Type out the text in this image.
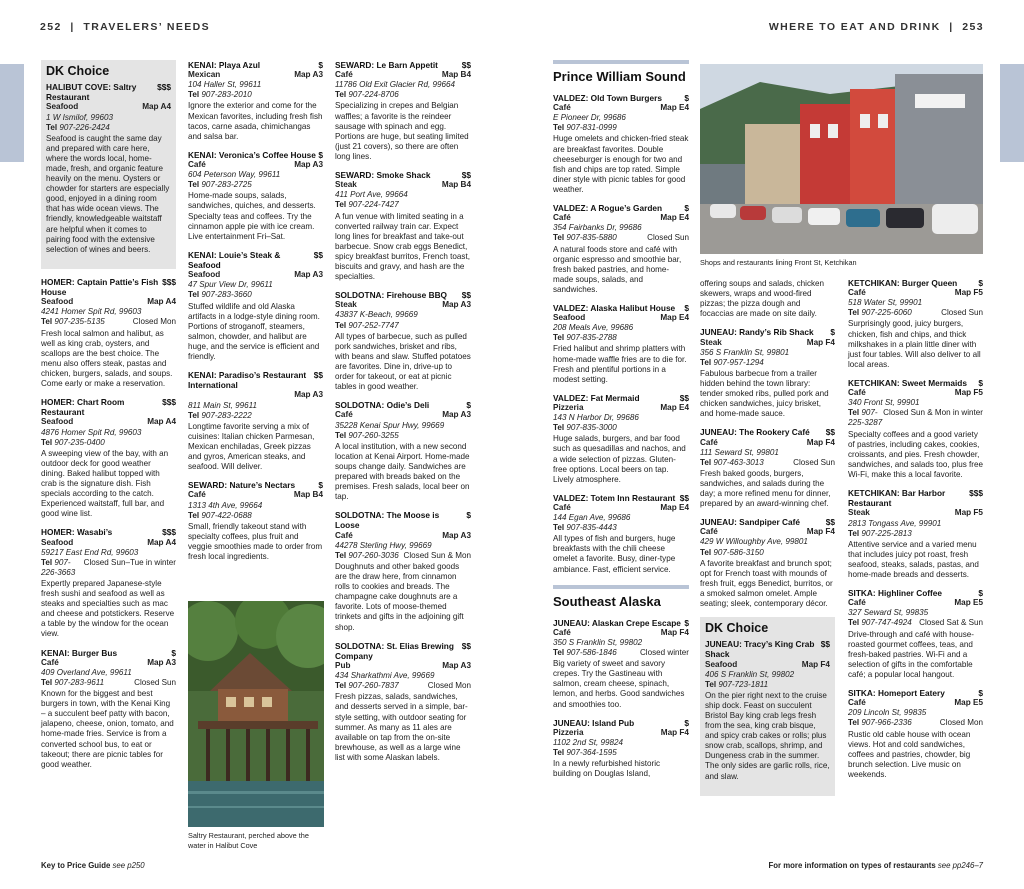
252  |  TRAVELERS’ NEEDS	WHERE TO EAT AND DRINK  |  253
DK Choice
HALIBUT COVE: Saltry Restaurant
$$$
Seafood	Map A4
1 W Ismilof, 99603
Tel 907-226-2424
Seafood is caught the same day and prepared with care here, where the words local, home-made, fresh, and organic feature heavily on the menu. Oysters or chowder for starters are especially good, enjoyed in a dining room that has wide ocean views. The friendly, knowledgeable waitstaff are helpful when it comes to pairing food with the extensive selection of wines and beers.
HOMER: Captain Pattie’s Fish House
$$$
Seafood	Map A4
4241 Homer Spit Rd, 99603
Tel 907-235-5135	Closed Mon
Fresh local salmon and halibut, as well as king crab, oysters, and scallops are the best choice. The menu also offers steak, pastas and chicken, burgers, salads, and soups. Come early or make a reservation.
HOMER: Chart Room Restaurant
$$$
Seafood	Map A4
4876 Homer Spit Rd, 99603
Tel 907-235-0400
A sweeping view of the bay, with an outdoor deck for good weather dining. Baked halibut topped with crab is the signature dish. Fish specials according to the catch. Experienced waitstaff, full bar, and good wine list.
HOMER: Wasabi’s	$$$
Seafood	Map A4
59217 East End Rd, 99603
Tel 907-226-3663
Closed Sun–Tue in winter
Expertly prepared Japanese-style fresh sushi and seafood as well as steaks and specialties such as mac and cheese and potstickers. Reserve a table by the window for the ocean view.
KENAI: Burger Bus	$
Café	Map A3
409 Overland Ave, 99611
Tel 907-283-9611	Closed Sun
Known for the biggest and best burgers in town, with the Kenai King – a succulent beef patty with bacon, jalapeno, cheese, onion, tomato, and home-made fries. Service is from a converted school bus, to eat or takeout; there are picnic tables for good weather.
KENAI: Playa Azul	$
Mexican	Map A3
104 Haller St, 99611
Tel 907-283-2010
Ignore the exterior and come for the Mexican favorites, including fresh fish tacos, carne asada, chimichangas and salsa bar.
KENAI: Veronica’s Coffee House $
Café	Map A3
604 Peterson Way, 99611
Tel 907-283-2725
Home-made soups, salads, sandwiches, quiches, and desserts. Specialty teas and coffees. Try the cinnamon apple pie with ice cream. Live entertainment Fri–Sat.
KENAI: Louie’s Steak & Seafood
$$
Seafood	Map A3
47 Spur View Dr, 99611
Tel 907-283-3660
Stuffed wildlife and old Alaska artifacts in a lodge-style dining room. Portions of stroganoff, steamers, salmon, chowder, and halibut are huge, and the service is efficient and friendly.
KENAI: Paradiso’s Restaurant International
$$
Map A3
811 Main St, 99611
Tel 907-283-2222
Longtime favorite serving a mix of cuisines: Italian chicken Parmesan, Mexican enchiladas, Greek pizzas and gyros, American steaks, and seafood. Will deliver.
SEWARD: Nature’s Nectars	$
Café	Map B4
1313 4th Ave, 99664
Tel 907-422-0688
Small, friendly takeout stand with specialty coffees, plus fruit and veggie smoothies made to order from fresh local ingredients.
Saltry Restaurant, perched above the water in Halibut Cove
SEWARD: Le Barn Appetit	$$
Café	Map B4
11786 Old Exit Glacier Rd, 99664
Tel 907-224-8706
Specializing in crepes and Belgian waffles; a favorite is the reindeer sausage with spinach and egg. Portions are huge, but seating limited (just 21 covers), so there are often long lines.
SEWARD: Smoke Shack	$$
Steak	Map B4
411 Port Ave, 99664
Tel 907-224-7427
A fun venue with limited seating in a converted railway train car. Expect long lines for breakfast and take-out barbecue. Snow crab eggs Benedict, spicy breakfast burritos, French toast, biscuits and gravy, and hash are the specialties.
SOLDOTNA: Firehouse BBQ $$
Steak	Map A3
43837 K-Beach, 99669
Tel 907-252-7747
All types of barbecue, such as pulled pork sandwiches, brisket and ribs, with beans and slaw. Stuffed potatoes are favorites. Dine in, drive-up to order for takeout, or eat at picnic tables in good weather.
SOLDOTNA: Odie’s Deli	$
Café	Map A3
35228 Kenai Spur Hwy, 99669
Tel 907-260-3255
A local institution, with a new second location at Kenai Airport. Home-made soups change daily. Sandwiches are prepared with breads baked on the premises. Fresh salads, local beer on tap.
SOLDOTNA: The Moose is Loose
$
Café	Map A3
44278 Sterling Hwy, 99669
Tel 907-260-3036 Closed Sun & Mon
Doughnuts and other baked goods are the draw here, from cinnamon rolls to cookies and breads. The champagne cake doughnuts are a favorite. Lots of moose-themed trinkets and gifts in the adjoining gift shop.
SOLDOTNA: St. Elias Brewing Company
$$
Pub	Map A3
434 Sharkathmi Ave, 99669
Tel 907-260-7837	Closed Mon
Fresh pizzas, salads, sandwiches, and desserts served in a simple, bar-style setting, with outdoor seating for summer. As many as 11 ales are available on tap from the on-site brewhouse, as well as a large wine list with some Alaskan labels.
Prince William Sound
VALDEZ: Old Town Burgers	$
Café	Map E4
E Pioneer Dr, 99686
Tel 907-831-0999
Huge omelets and chicken-fried steak are breakfast favorites. Double cheeseburger is enough for two and fish and chips are top rated. Simple diner style with picnic tables for good weather.
VALDEZ: A Rogue’s Garden	$
Café	Map E4
354 Fairbanks Dr, 99686
Tel 907-835-5880	Closed Sun
A natural foods store and café with organic espresso and smoothie bar, fresh baked pastries, and home-made soups, salads, and sandwiches.
VALDEZ: Alaska Halibut House $
Seafood	Map E4
208 Meals Ave, 99686
Tel 907-835-2788
Fried halibut and shrimp platters with home-made waffle fries are to die for. Fresh and plentiful portions in a modest setting.
VALDEZ: Fat Mermaid	$$
Pizzeria	Map E4
143 N Harbor Dr, 99686
Tel 907-835-3000
Huge salads, burgers, and bar food such as quesadillas and nachos, and a wide selection of pizzas. Gluten-free options. Local beers on tap. Lively atmosphere.
VALDEZ: Totem Inn Restaurant $$
Café	Map E4
144 Egan Ave, 99686
Tel 907-835-4443
All types of fish and burgers, huge breakfasts with the chili cheese omelet a favorite. Busy, diner-type ambiance. Fast, efficient service.
Southeast Alaska
JUNEAU: Alaskan Crepe Escape $
Café	Map F4
350 S Franklin St, 99802
Tel 907-586-1846	Closed winter
Big variety of sweet and savory crepes. Try the Gastineau with salmon, cream cheese, spinach, lemon, and herbs. Good sandwiches and smoothies too.
JUNEAU: Island Pub	$
Pizzeria	Map F4
1102 2nd St, 99824
Tel 907-364-1595
In a newly refurbished historic building on Douglas Island,
Shops and restaurants lining Front St, Ketchikan
offering soups and salads, chicken skewers, wraps and wood-fired pizzas; the pizza dough and focaccias are made on site daily.
JUNEAU: Randy’s Rib Shack $
Steak	Map F4
356 S Franklin St, 99801
Tel 907-957-1294
Fabulous barbecue from a trailer hidden behind the town library: tender smoked ribs, pulled pork and chicken sandwiches, juicy brisket, and home-made sauce.
JUNEAU: The Rookery Café $$
Café	Map F4
111 Seward St, 99801
Tel 907-463-3013	Closed Sun
Fresh baked goods, burgers, sandwiches, and salads during the day; a more refined menu for dinner, prepared by an award-winning chef.
JUNEAU: Sandpiper Café	$$
Café	Map F4
429 W Willoughby Ave, 99801
Tel 907-586-3150
A favorite breakfast and brunch spot; opt for French toast with mounds of fresh fruit, eggs Benedict, burritos, or a smoked salmon omelet. Ample seating; sleek, contemporary décor.
DK Choice
JUNEAU: Tracy’s King Crab Shack
$$
Seafood	Map F4
406 S Franklin St, 99802
Tel 907-723-1811
On the pier right next to the cruise ship dock. Feast on succulent Bristol Bay king crab legs fresh from the sea, king crab bisque, and spicy crab cakes or rolls; plus snow crab, scallops, shrimp, and Dungeness crab in the summer. The only sides are garlic rolls, rice, and slaw.
KETCHIKAN: Burger Queen	$
Café	Map F5
518 Water St, 99901
Tel 907-225-6060	Closed Sun
Surprisingly good, juicy burgers, chicken, fish and chips, and thick milkshakes in a plain little diner with just four tables. Will also deliver to all local areas.
KETCHIKAN: Sweet Mermaids $
Café	Map F5
340 Front St, 99901
Tel 907-225-3287
Closed Sun & Mon in winter
Specialty coffees and a good variety of pastries, including cakes, cookies, croissants, and pies. Fresh chowder, sandwiches, and salads too, plus free Wi-Fi, make this a local favorite.
KETCHIKAN: Bar Harbor Restaurant
$$$
Steak	Map F5
2813 Tongass Ave, 99901
Tel 907-225-2813
Attentive service and a varied menu that includes juicy pot roast, fresh seafood, steaks, salads, pastas, and home-made breads and desserts.
SITKA: Highliner Coffee	$
Café	Map E5
327 Seward St, 99835
Tel 907-747-4924 Closed Sat & Sun
Drive-through and café with house-roasted gourmet coffees, teas, and fresh-baked pastries. Wi-Fi and a selection of gifts in the comfortable café; a popular local hangout.
SITKA: Homeport Eatery	$
Café	Map E5
209 Lincoln St, 99835
Tel 907-966-2336	Closed Mon
Rustic old cable house with ocean views. Hot and cold sandwiches, coffees and pastries, chowder, big brunch selection. Live music on weekends.
Key to Price Guide see p250	For more information on types of restaurants see pp246–7
